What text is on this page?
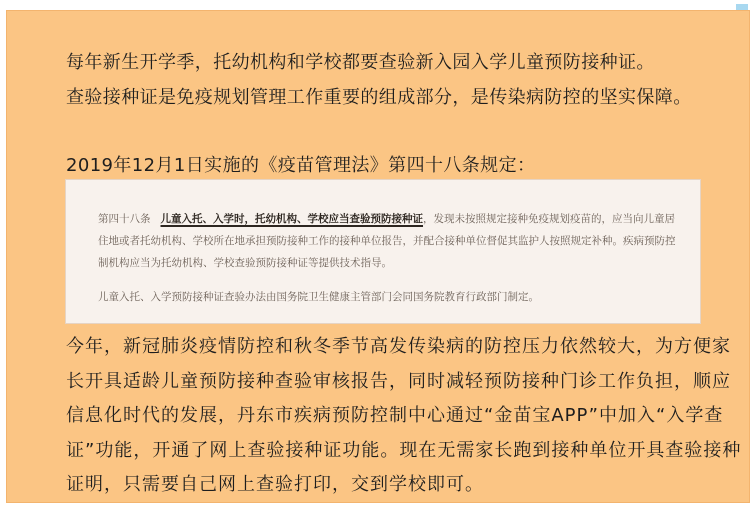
每年新生开学季，托幼机构和学校都要查验新入园入学儿童预防接种证。

查验接种证是免疫规划管理工作重要的组成部分，是传染病防控的坚实保障。

2019年12月1日实施的《疫苗管理法》第四十八条规定：

第四十八条 儿童入托、入学时，托幼机构、学校应当查验预防接种证，发现未按照规定接种免疫规划疫苗的，应当向儿童居住地或者托幼机构、学校所在地承担预防接种工作的接种单位报告，并配合接种单位督促其监护人按照规定补种。疾病预防控制机构应当为托幼机构、学校查验预防接种证等提供技术指导。
儿童入托、入学预防接种证查验办法由国务院卫生健康主管部门会同国务院教育行政部门制定。

今年，新冠肺炎疫情防控和秋冬季节高发传染病的防控压力依然较大，为方便家长开具适龄儿童预防接种查验审核报告，同时减轻预防接种门诊工作负担，顺应信息化时代的发展，丹东市疾病预防控制中心通过“金苗宝APP”中加入“入学查证”功能，开通了网上查验接种证功能。现在无需家长跑到接种单位开具查验接种证明，只需要自己网上查验打印，交到学校即可。
